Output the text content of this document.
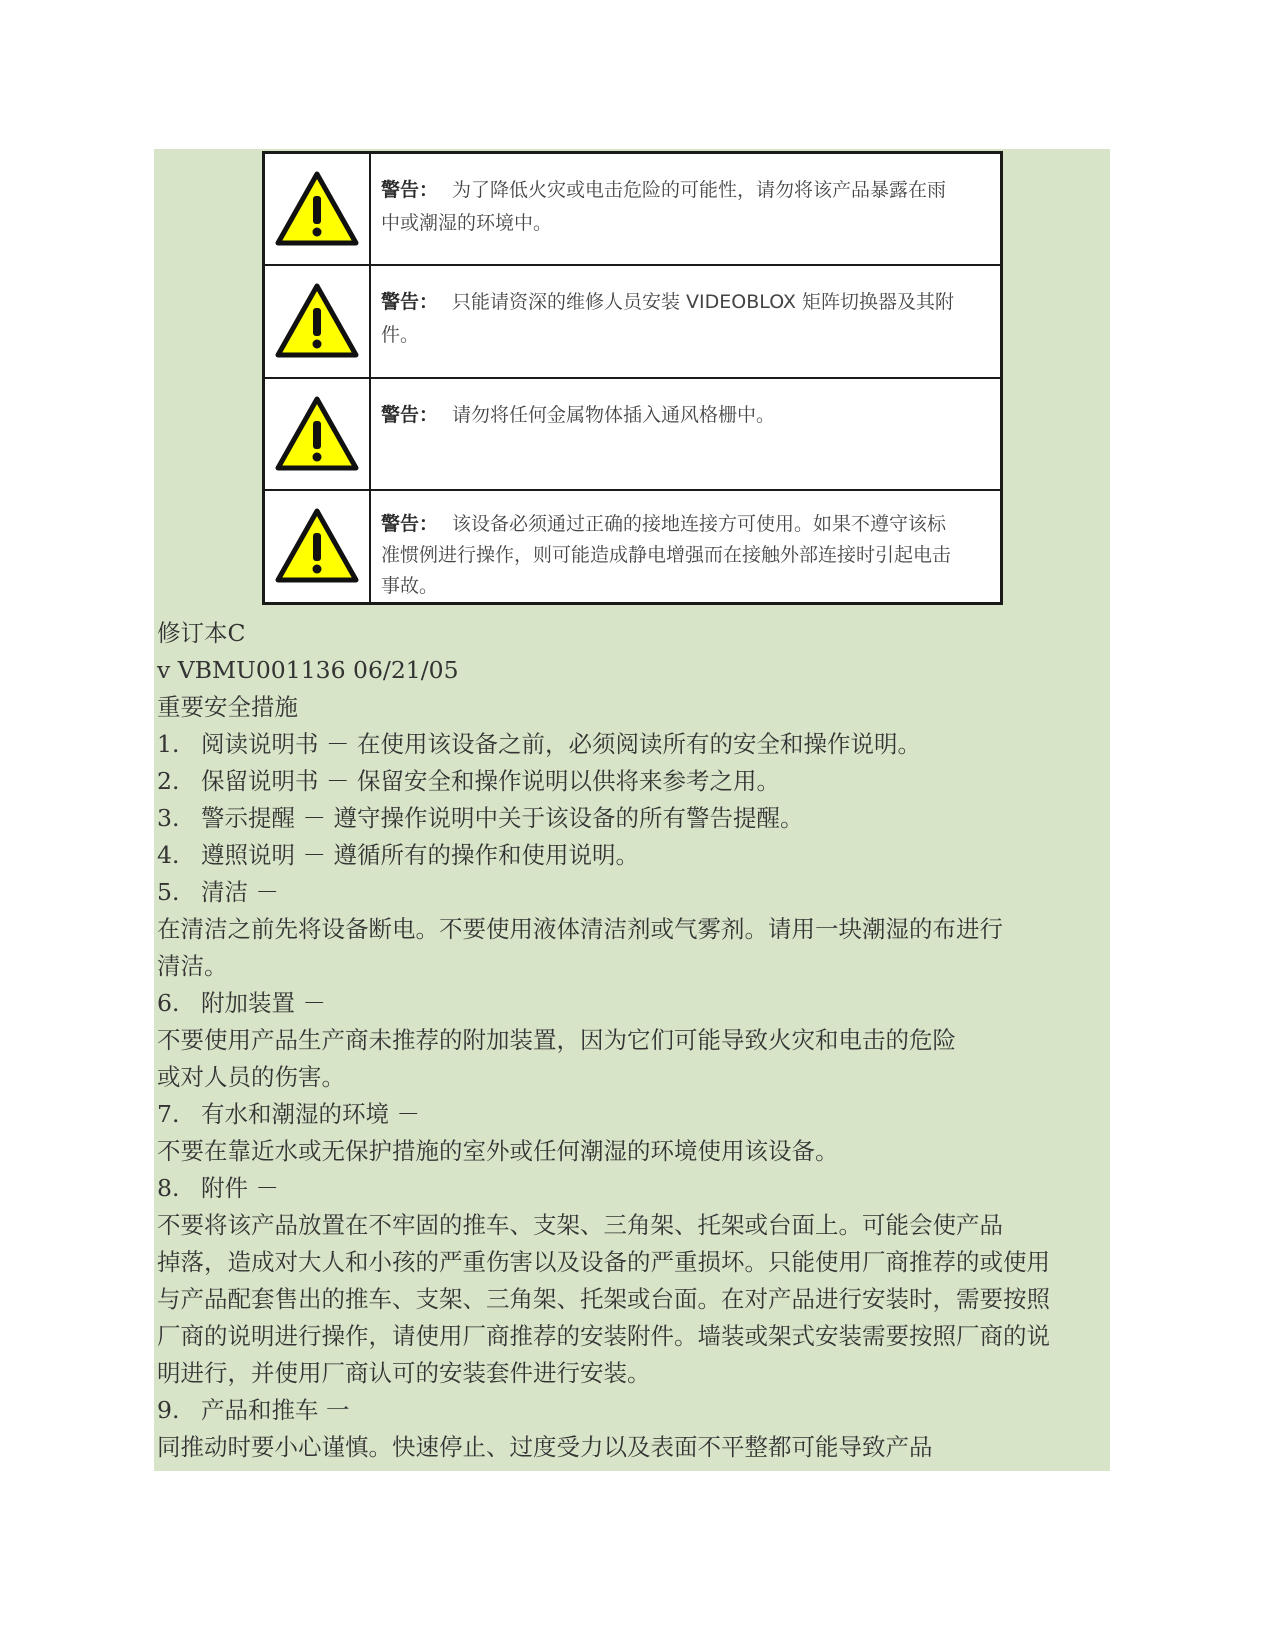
警告： 为了降低火灾或电击危险的可能性，请勿将该产品暴露在雨
中或潮湿的环境中。
警告： 只能请资深的维修人员安装 VIDEOBLOX 矩阵切换器及其附
件。
警告： 请勿将任何金属物体插入通风格栅中。
警告： 该设备必须通过正确的接地连接方可使用。如果不遵守该标
准惯例进行操作，则可能造成静电增强而在接触外部连接时引起电击
事故。
修订本C
v VBMU001136 06/21/05
重要安全措施
1. 阅读说明书 － 在使用该设备之前，必须阅读所有的安全和操作说明。
2. 保留说明书 － 保留安全和操作说明以供将来参考之用。
3. 警示提醒 － 遵守操作说明中关于该设备的所有警告提醒。
4. 遵照说明 － 遵循所有的操作和使用说明。
5. 清洁 －
在清洁之前先将设备断电。不要使用液体清洁剂或气雾剂。请用一块潮湿的布进行
清洁。
6. 附加装置 －
不要使用产品生产商未推荐的附加装置，因为它们可能导致火灾和电击的危险
或对人员的伤害。
7. 有水和潮湿的环境 －
不要在靠近水或无保护措施的室外或任何潮湿的环境使用该设备。
8. 附件 －
不要将该产品放置在不牢固的推车、支架、三角架、托架或台面上。可能会使产品
掉落，造成对大人和小孩的严重伤害以及设备的严重损坏。只能使用厂商推荐的或使用
与产品配套售出的推车、支架、三角架、托架或台面。在对产品进行安装时，需要按照
厂商的说明进行操作，请使用厂商推荐的安装附件。墙装或架式安装需要按照厂商的说
明进行，并使用厂商认可的安装套件进行安装。
9. 产品和推车 一
同推动时要小心谨慎。快速停止、过度受力以及表面不平整都可能导致产品
